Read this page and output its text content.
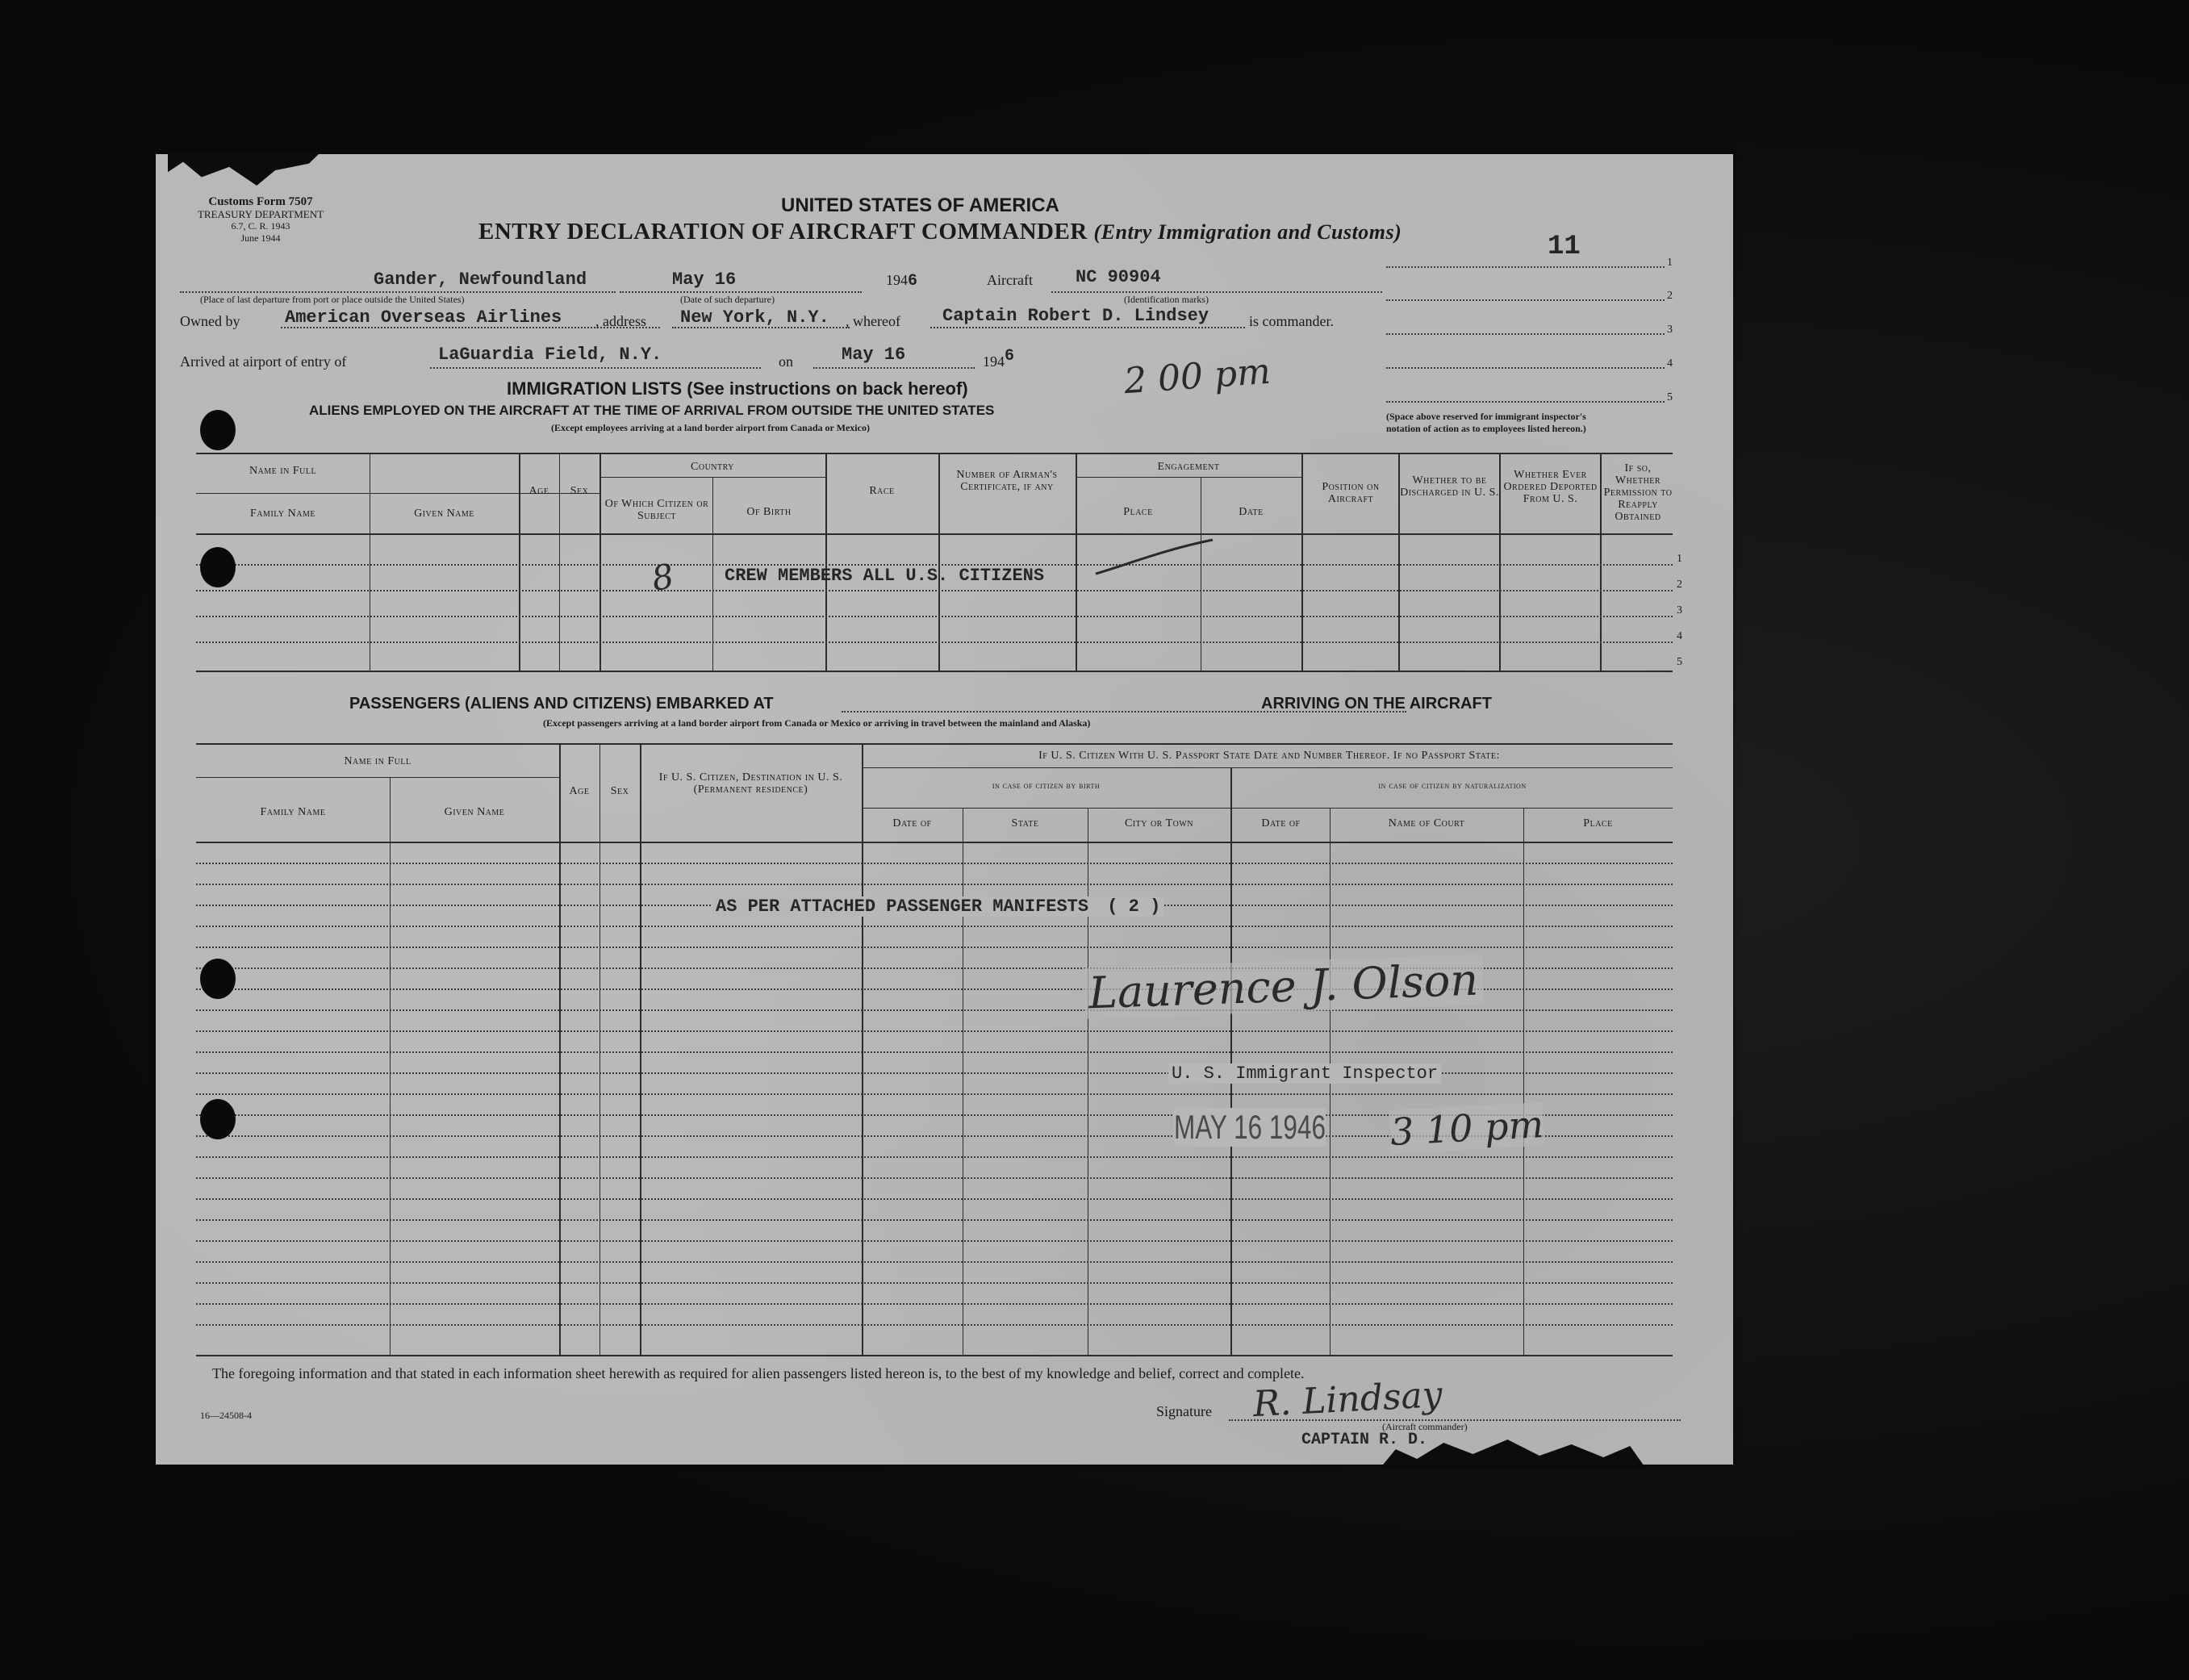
Customs Form 7507
TREASURY DEPARTMENT
6.7, C. R. 1943
June 1944
UNITED STATES OF AMERICA
ENTRY DECLARATION OF AIRCRAFT COMMANDER (Entry Immigration and Customs)	11
1
2
3
4
5
Gander, Newfoundland
(Place of last departure from port or place outside the United States)
May 16
(Date of such departure)
1946	Aircraft NC 90904
(Identification marks)
Owned by	American Overseas Airlines , address New York, N.Y. , whereof Captain Robert D. Lindsey	is commander.
Arrived at airport of entry of	LaGuardia Field, N.Y.	on	May 16	1946	2 00 pm
IMMIGRATION LISTS (See instructions on back hereof)
ALIENS EMPLOYED ON THE AIRCRAFT AT THE TIME OF ARRIVAL FROM OUTSIDE THE UNITED STATES
(Except employees arriving at a land border airport from Canada or Mexico)
(Space above reserved for immigrant inspector's
notation of action as to employees listed hereon.)
Name in Full
Family Name	Given Name
Age	Sex
Country
Of Which Citizen or Subject	Of Birth
Race
Number of Airman's Certificate, if any
Engagement
Place	Date
Position on Aircraft
Whether to be Discharged in U. S.
Whether Ever Ordered Deported From U. S.
If so, Whether Permission to Reapply Obtained
1
2
3
4
5
8	CREW MEMBERS ALL U.S. CITIZENS
PASSENGERS (ALIENS AND CITIZENS) EMBARKED AT	ARRIVING ON THE AIRCRAFT
(Except passengers arriving at a land border airport from Canada or Mexico or arriving in travel between the mainland and Alaska)
Name in Full
Family Name	Given Name
Age	Sex
If U. S. Citizen, Destination in U. S. (Permanent residence)
If U. S. Citizen With U. S. Passport State Date and Number Thereof. If no Passport State:
in case of citizen by birth	in case of citizen by naturalization
Date of	State	City or Town	Date of	Name of Court	Place
AS PER ATTACHED PASSENGER MANIFESTS ( 2 )
Laurence J. Olson
U. S. Immigrant Inspector
MAY 16 1946 3 10 pm
The foregoing information and that stated in each information sheet herewith as required for alien passengers listed hereon is, to the best of my knowledge and belief, correct and complete.
16—24508-4	Signature R. Lindsay
(Aircraft commander)
CAPTAIN R. D.
